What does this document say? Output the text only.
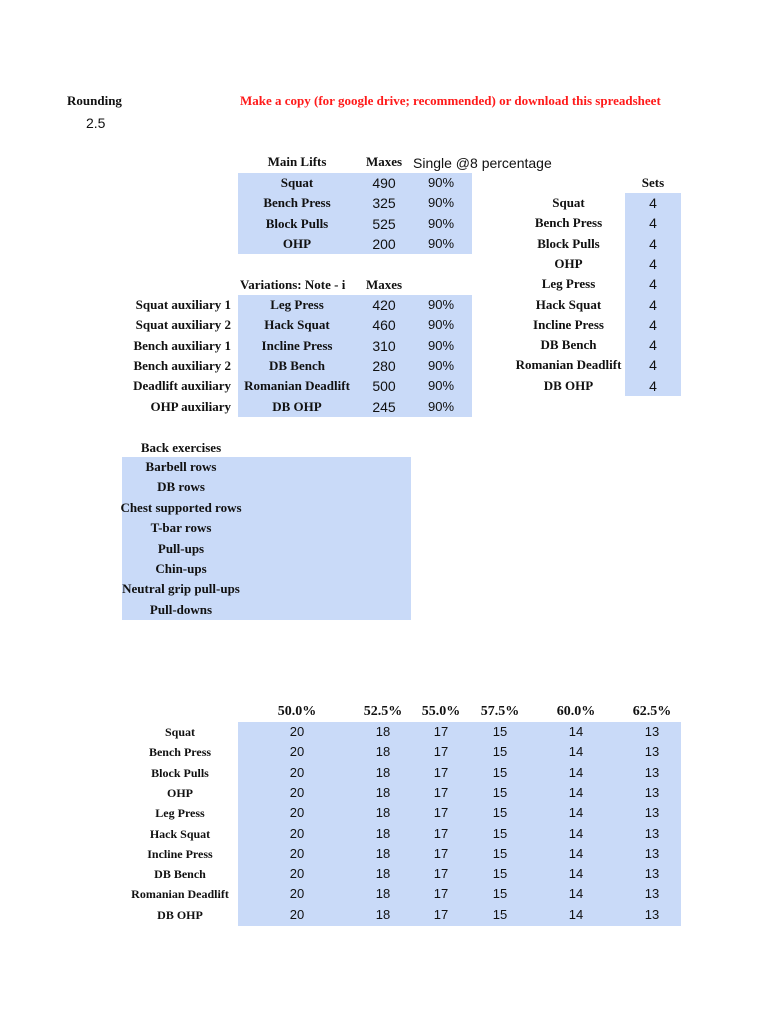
Rounding
2.5
Make a copy (for google drive; recommended) or download this spreadsheet
Main Lifts	Maxes Single @8 percentage
Squat	490	90%
Bench Press	325	90%
Block Pulls	525	90%
OHP	200	90%
Variations: Note - i	Maxes
Squat auxiliary 1	Leg Press	420	90%
Squat auxiliary 2	Hack Squat	460	90%
Bench auxiliary 1	Incline Press	310	90%
Bench auxiliary 2	DB Bench	280	90%
Deadlift auxiliary	Romanian Deadlift	500	90%
OHP auxiliary	DB OHP	245	90%
Sets
Squat	4
Bench Press	4
Block Pulls	4
OHP	4
Leg Press	4
Hack Squat	4
Incline Press	4
DB Bench	4
Romanian Deadlift	4
DB OHP	4
Back exercises
Barbell rows
DB rows
Chest supported rows
T-bar rows
Pull-ups
Chin-ups
Neutral grip pull-ups
Pull-downs
50.0%	52.5%	55.0%	57.5%	60.0%	62.5%
Squat	20	18	17	15	14	13
Bench Press	20	18	17	15	14	13
Block Pulls	20	18	17	15	14	13
OHP	20	18	17	15	14	13
Leg Press	20	18	17	15	14	13
Hack Squat	20	18	17	15	14	13
Incline Press	20	18	17	15	14	13
DB Bench	20	18	17	15	14	13
Romanian Deadlift	20	18	17	15	14	13
DB OHP	20	18	17	15	14	13
